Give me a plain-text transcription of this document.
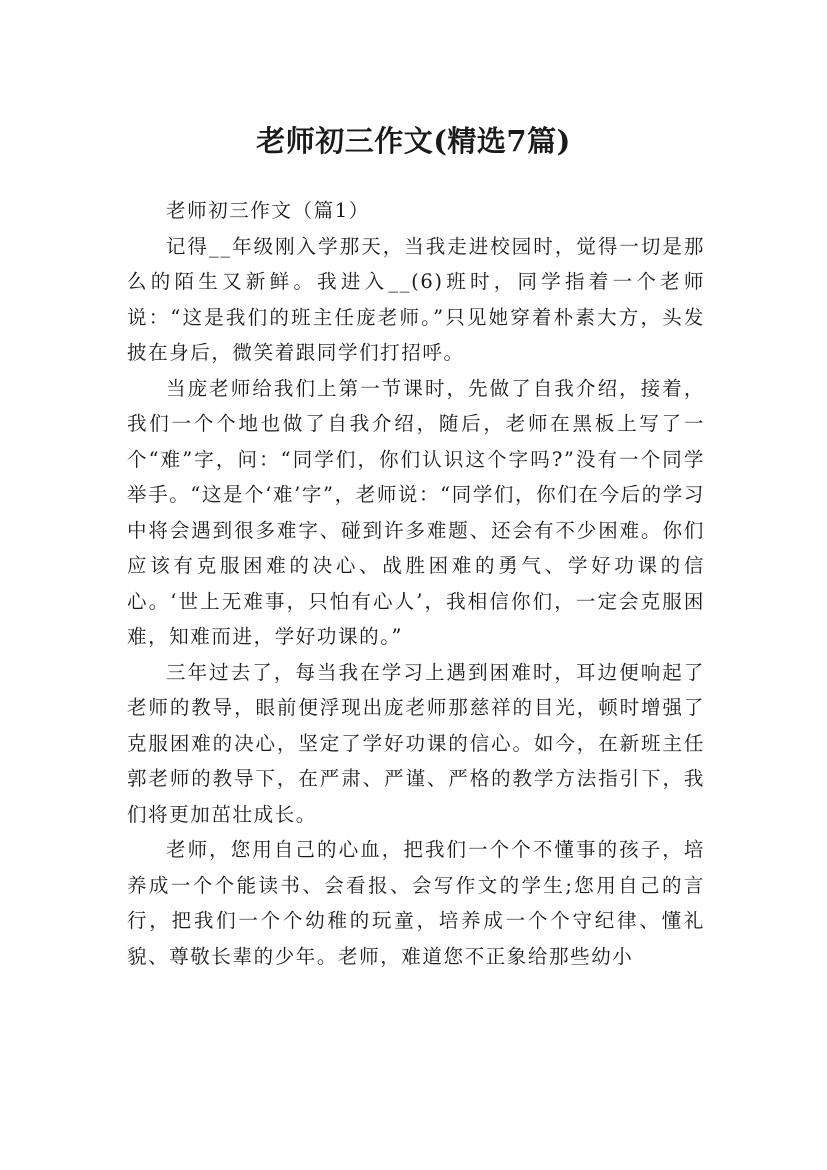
老师初三作文(精选7篇)

老师初三作文（篇1）

记得__年级刚入学那天，当我走进校园时，觉得一切是那么的陌生又新鲜。我进入__(6)班时，同学指着一个老师说：“这是我们的班主任庞老师。”只见她穿着朴素大方，头发披在身后，微笑着跟同学们打招呼。

当庞老师给我们上第一节课时，先做了自我介绍，接着，我们一个个地也做了自我介绍，随后，老师在黑板上写了一个“难”字，问：“同学们，你们认识这个字吗?”没有一个同学举手。“这是个‘难’字”，老师说：“同学们，你们在今后的学习中将会遇到很多难字、碰到许多难题、还会有不少困难。你们应该有克服困难的决心、战胜困难的勇气、学好功课的信心。‘世上无难事，只怕有心人’，我相信你们，一定会克服困难，知难而进，学好功课的。”

三年过去了，每当我在学习上遇到困难时，耳边便响起了老师的教导，眼前便浮现出庞老师那慈祥的目光，顿时增强了克服困难的决心，坚定了学好功课的信心。如今，在新班主任郭老师的教导下，在严肃、严谨、严格的教学方法指引下，我们将更加茁壮成长。

老师，您用自己的心血，把我们一个个不懂事的孩子，培养成一个个能读书、会看报、会写作文的学生;您用自己的言行，把我们一个个幼稚的玩童，培养成一个个守纪律、懂礼貌、尊敬长辈的少年。老师，难道您不正象给那些幼小
